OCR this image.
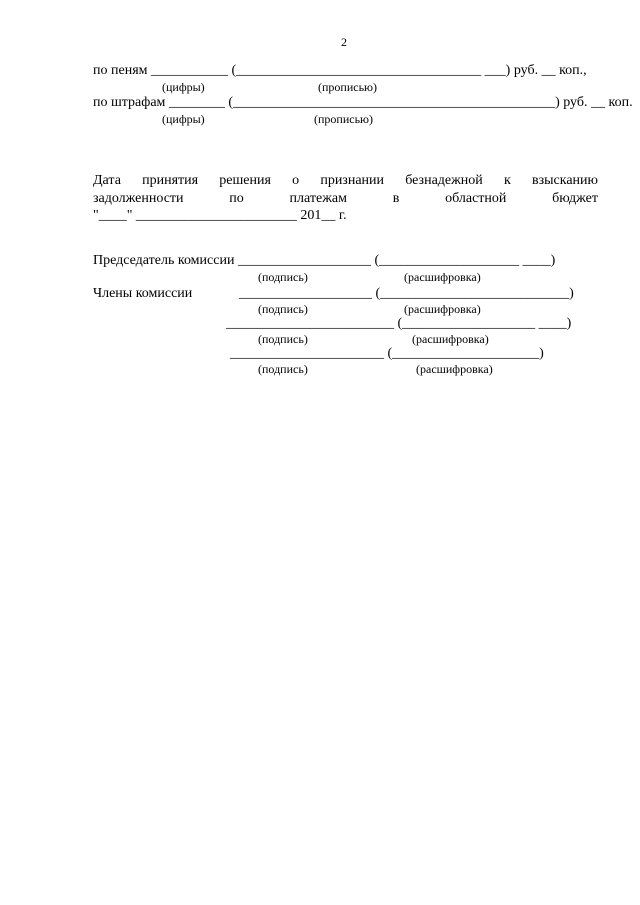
2
по пеням ___________ (___________________________________ ___) руб. __ коп.,
(цифры)	(прописью)
по штрафам ________ (______________________________________________) руб. __ коп.
(цифры)	(прописью)
Дата принятия решения о признании безнадежной к взысканию
задолженности по платежам в областной бюджет
"____" _______________________ 201__ г.
Председатель комиссии ___________________ (____________________ ____)
(подпись)	(расшифровка)
Члены комиссии	___________________ (___________________________)
(подпись)	(расшифровка)
________________________ (___________________ ____)
(подпись)	(расшифровка)
______________________ (_____________________)
(подпись)	(расшифровка)
